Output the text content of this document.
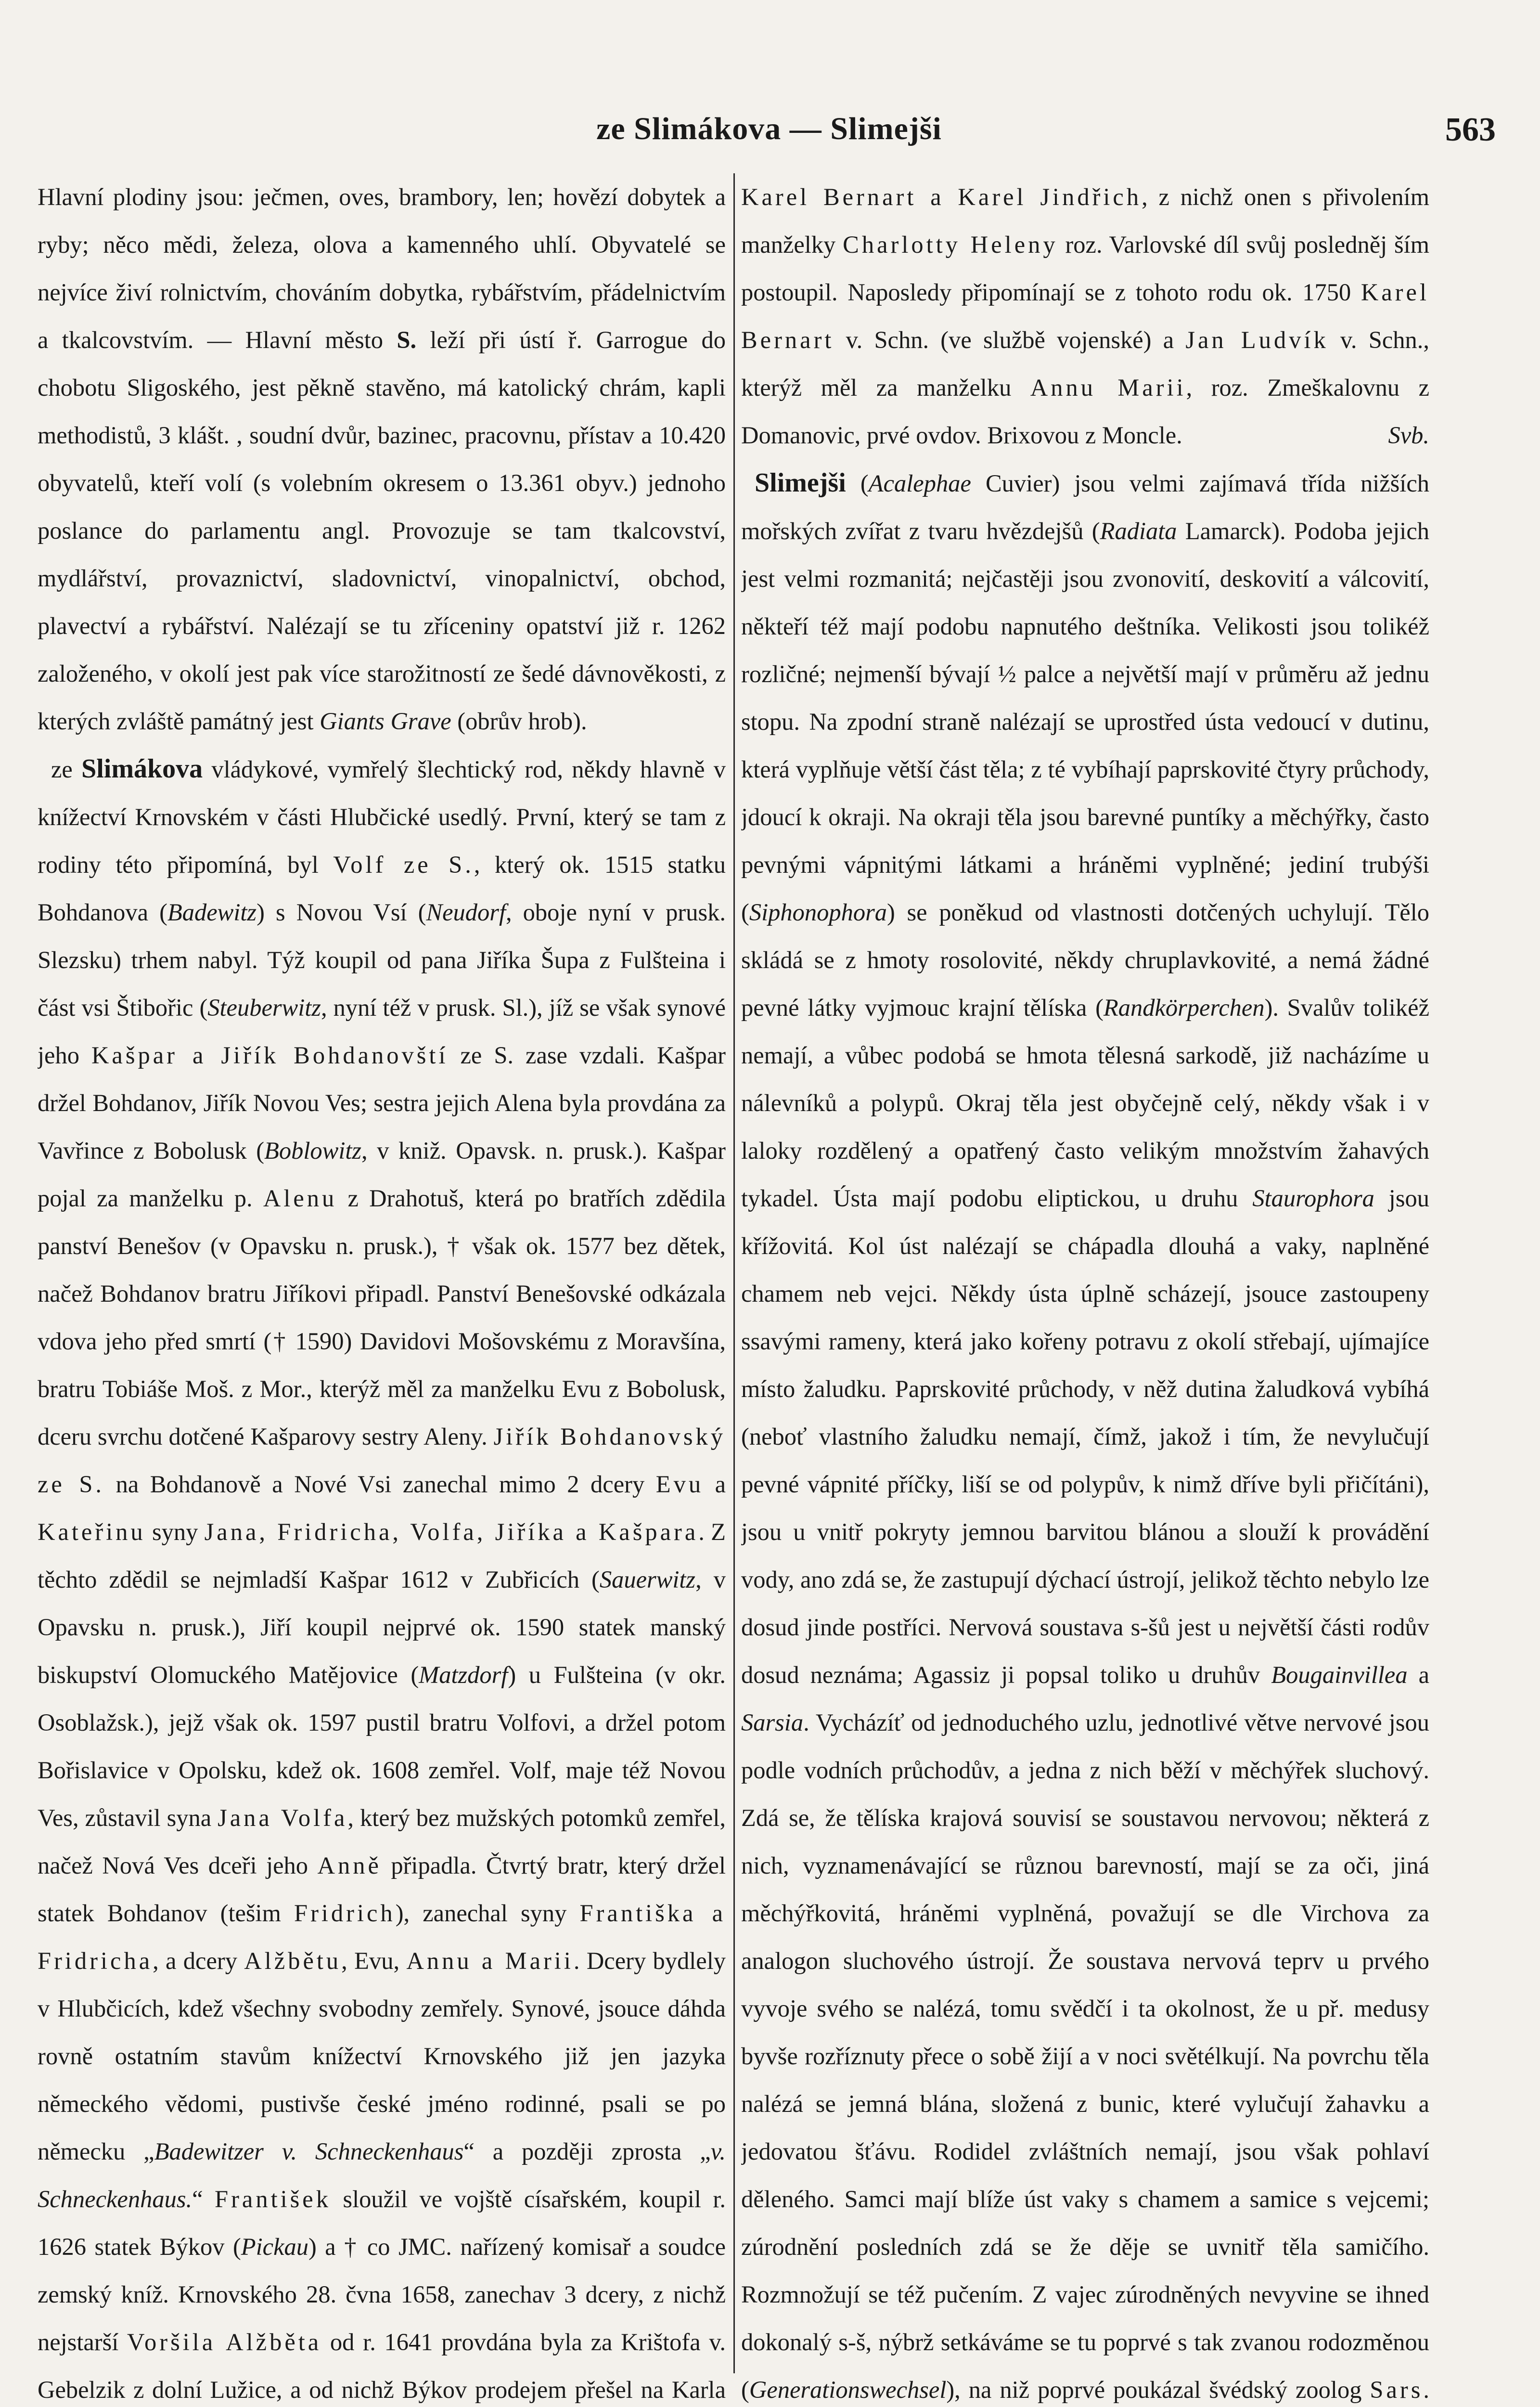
ze Slimákova — Slimejši	563

Hlavní plodiny jsou: ječmen, oves, brambory, len; hovězí dobytek a ryby; něco mědi, železa, olova a kamenného uhlí. Obyvatelé se nejvíce živí rolnictvím, chováním dobytka, rybářstvím, přádelnictvím a tkalcovstvím. — Hlavní město S. leží při ústí ř. Garrogue do chobotu Sligoského, jest pěkně stavěno, má katolický chrám, kapli methodistů, 3 klášt. , soudní dvůr, bazinec, pracovnu, přístav a 10.420 obyvatelů, kteří volí (s volebním okresem o 13.361 obyv.) jednoho poslance do parlamentu angl. Provozuje se tam tkalcovství, mydlářství, provaznictví, sladovnictví, vinopalnictví, obchod, plavectví a rybářství. Nalézají se tu zříceniny opatství již r. 1262 založeného, v okolí jest pak více starožitností ze šedé dávnověkosti, z kterých zvláště památný jest Giants Grave (obrův hrob).

ze Slimákova vládykové, vymřelý šlechtický rod, někdy hlavně v knížectví Krnovském v části Hlubčické usedlý. První, který se tam z rodiny této připomíná, byl Volf ze S., který ok. 1515 statku Bohdanova (Badewitz) s Novou Vsí (Neudorf, oboje nyní v prusk. Slezsku) trhem nabyl. Týž koupil od pana Jiříka Šupa z Fulšteina i část vsi Štibořic (Steuberwitz, nyní též v prusk. Sl.), jíž se však synové jeho Kašpar a Jiřík Bohdanovští ze S. zase vzdali. Kašpar držel Bohdanov, Jiřík Novou Ves; sestra jejich Alena byla provdána za Vavřince z Bobolusk (Boblowitz, v kniž. Opavsk. n. prusk.). Kašpar pojal za manželku p. Alenu z Drahotuš, která po bratřích zdědila panství Benešov (v Opavsku n. prusk.), † však ok. 1577 bez dětek, načež Bohdanov bratru Jiříkovi připadl. Panství Benešovské odkázala vdova jeho před smrtí († 1590) Davidovi Mošovskému z Moravšína, bratru Tobiáše Moš. z Mor., kterýž měl za manželku Evu z Bobolusk, dceru svrchu dotčené Kašparovy sestry Aleny. Jiřík Bohdanovský ze S. na Bohdanově a Nové Vsi zanechal mimo 2 dcery Evu a Kateřinu syny Jana, Fridricha, Volfa, Jiříka a Kašpara. Z těchto zdědil se nejmladší Kašpar 1612 v Zubřicích (Sauerwitz, v Opavsku n. prusk.), Jiří koupil nejprvé ok. 1590 statek manský biskupství Olomuckého Matějovice (Matzdorf) u Fulšteina (v okr. Osoblažsk.), jejž však ok. 1597 pustil bratru Volfovi, a držel potom Bořislavice v Opolsku, kdež ok. 1608 zemřel. Volf, maje též Novou Ves, zůstavil syna Jana Volfa, který bez mužských potomků zemřel, načež Nová Ves dceři jeho Anně připadla. Čtvrtý bratr, který držel statek Bohdanov (tešim Fridrich), zanechal syny Františka a Fridricha, a dcery Alžbětu, Evu, Annu a Marii. Dcery bydlely v Hlubčicích, kdež všechny svobodny zemřely. Synové, jsouce dáhda rovně ostatním stavům knížectví Krnovského již jen jazyka německého vědomi, pustivše české jméno rodinné, psali se po německu „Badewitzer v. Schneckenhaus“ a později zprosta „v. Schneckenhaus.“ František sloužil ve vojště císařském, koupil r. 1626 statek Býkov (Pickau) a † co JMC. nařízený komisař a soudce zemský kníž. Krnovského 28. čvna 1658, zanechav 3 dcery, z nichž nejstarší Voršila Alžběta od r. 1641 provdána byla za Krištofa v. Gebelzik z dolní Lužice, a od nichž Býkov prodejem přešel na Karla

Karel Bernart a Karel Jindřich, z nichž onen s přivolením manželky Charlotty Heleny roz. Varlovské díl svůj posledněj ším postoupil. Naposledy připomínají se z tohoto rodu ok. 1750 Karel Bernart v. Schn. (ve službě vojenské) a Jan Ludvík v. Schn., kterýž měl za manželku Annu Marii, roz. Zmeškalovnu z Domanovic, prvé ovdov. Brixovou z Moncle.	Svb.

Slimejši (Acalephae Cuvier) jsou velmi zajímavá třída nižších mořských zvířat z tvaru hvězdejšů (Radiata Lamarck). Podoba jejich jest velmi rozmanitá; nejčastěji jsou zvonovití, deskovití a válcovití, někteří též mají podobu napnutého deštníka. Velikosti jsou tolikéž rozličné; nejmenší bývají ½ palce a největší mají v průměru až jednu stopu. Na zpodní straně nalézají se uprostřed ústa vedoucí v dutinu, která vyplňuje větší část těla; z té vybíhají paprskovité čtyry průchody, jdoucí k okraji. Na okraji těla jsou barevné puntíky a měchýřky, často pevnými vápnitými látkami a hráněmi vyplněné; jediní trubýši (Siphonophora) se poněkud od vlastnosti dotčených uchylují. Tělo skládá se z hmoty rosolovité, někdy chruplavkovité, a nemá žádné pevné látky vyjmouc krajní tělíska (Randkörperchen). Svalův tolikéž nemají, a vůbec podobá se hmota tělesná sarkodě, již nacházíme u nálevníků a polypů. Okraj těla jest obyčejně celý, někdy však i v laloky rozdělený a opatřený často velikým množstvím žahavých tykadel. Ústa mají podobu eliptickou, u druhu Staurophora jsou křížovitá. Kol úst nalézají se chápadla dlouhá a vaky, naplněné chamem neb vejci. Někdy ústa úplně scházejí, jsouce zastoupeny ssavými rameny, která jako kořeny potravu z okolí střebají, ujímajíce místo žaludku. Paprskovité průchody, v něž dutina žaludková vybíhá (neboť vlastního žaludku nemají, čímž, jakož i tím, že nevylučují pevné vápnité příčky, liší se od polypův, k nimž dříve byli přičítáni), jsou u vnitř pokryty jemnou barvitou blánou a slouží k provádění vody, ano zdá se, že zastupují dýchací ústrojí, jelikož těchto nebylo lze dosud jinde postříci. Nervová soustava s-šů jest u největší části rodův dosud neznáma; Agassiz ji popsal toliko u druhův Bougainvillea a Sarsia. Vycházíť od jednoduchého uzlu, jednotlivé větve nervové jsou podle vodních průchodův, a jedna z nich běží v měchýřek sluchový. Zdá se, že tělíska krajová souvisí se soustavou nervovou; některá z nich, vyznamenávající se různou barevností, mají se za oči, jiná měchýřkovitá, hráněmi vyplněná, považují se dle Virchova za analogon sluchového ústrojí. Že soustava nervová teprv u prvého vyvoje svého se nalézá, tomu svědčí i ta okolnost, že u př. medusy byvše rozříznuty přece o sobě žijí a v noci světélkují. Na povrchu těla nalézá se jemná blána, složená z bunic, které vylučují žahavku a jedovatou šťávu. Rodidel zvláštních nemají, jsou však pohlaví děleného. Samci mají blíže úst vaky s chamem a samice s vejcemi; zúrodnění posledních zdá se že děje se uvnitř těla samičího. Rozmnožují se též pučením. Z vajec zúrodněných nevyvine se ihned dokonalý s-š, nýbrž setkáváme se tu poprvé s tak zvanou rodozměnou (Generationswechsel), na niž poprvé poukázal švédský zoolog Sars.
